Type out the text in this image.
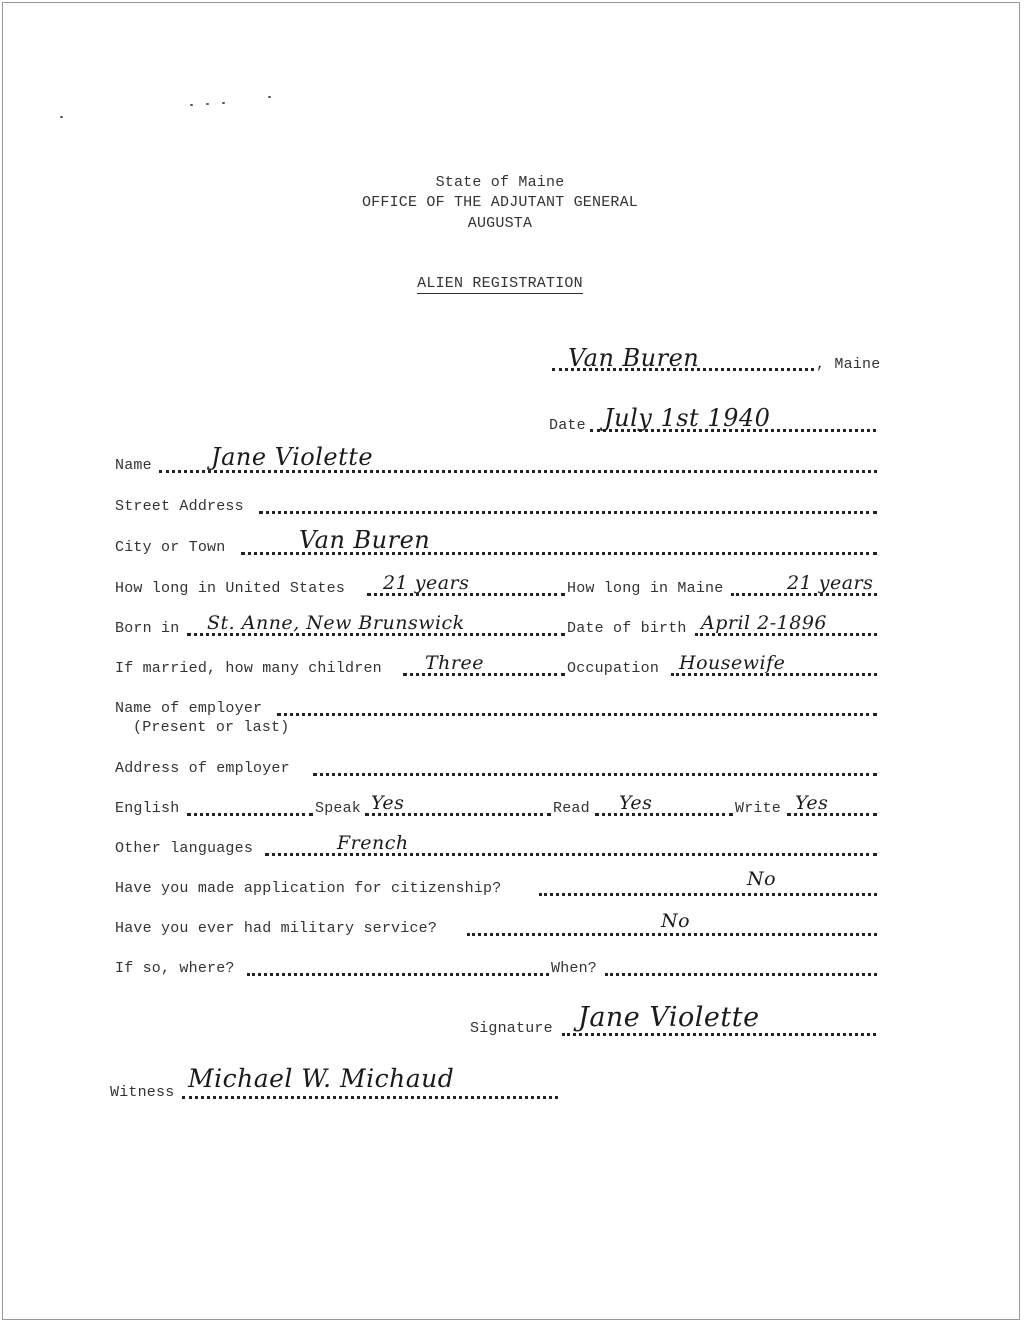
State of Maine
OFFICE OF THE ADJUTANT GENERAL
AUGUSTA
ALIEN REGISTRATION
Van Buren	, Maine
Date July 1st 1940
Name Jane Violette
Street Address
City or Town	Van Buren
How long in United States 21 years	How long in Maine	21 years
Born in St. Anne, New Brunswick	Date of birth April 2-1896
If married, how many children Three	Occupation Housewife
Name of employer
(Present or last)
Address of employer
English	Speak Yes	Read Yes	Write Yes
Other languages	French
Have you made application for citizenship?	No
Have you ever had military service?	No
If so, where?	When?
Signature Jane Violette
Witness Michael W. Michaud
